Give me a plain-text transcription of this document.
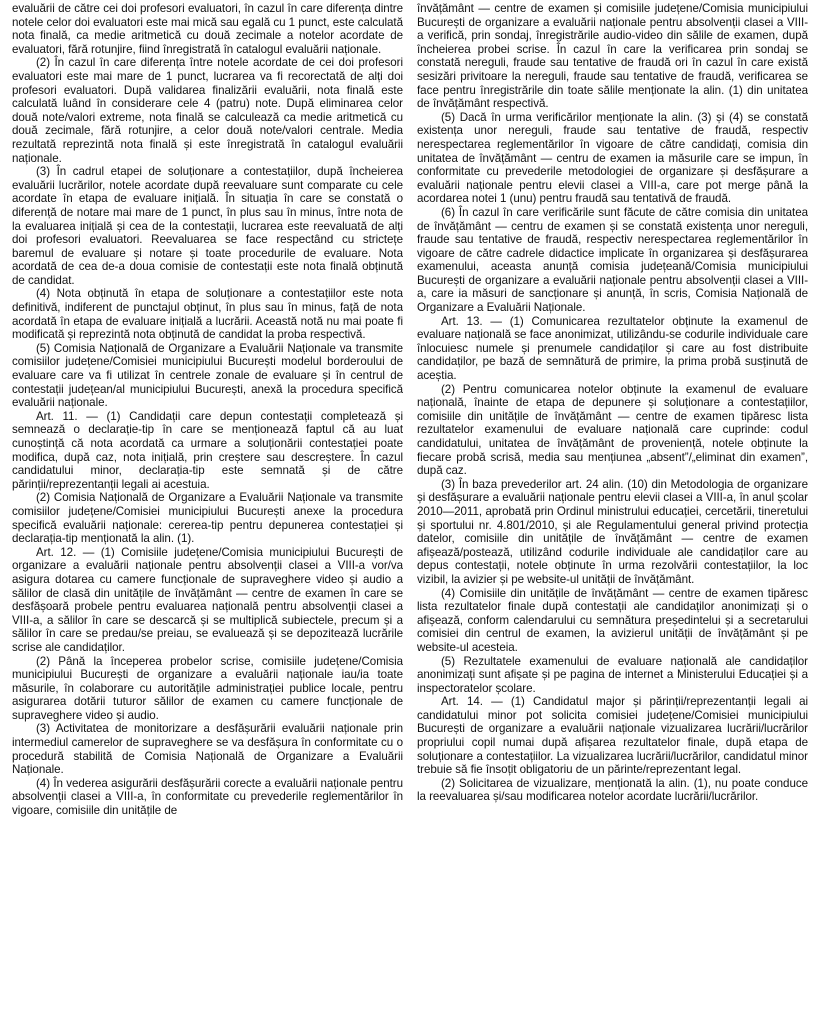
evaluării de către cei doi profesori evaluatori, în cazul în care diferența dintre notele celor doi evaluatori este mai mică sau egală cu 1 punct, este calculată nota finală, ca medie aritmetică cu două zecimale a notelor acordate de evaluatori, fără rotunjire, fiind înregistrată în catalogul evaluării naționale.

(2) În cazul în care diferența între notele acordate de cei doi profesori evaluatori este mai mare de 1 punct, lucrarea va fi recorectată de alți doi profesori evaluatori. După validarea finalizării evaluării, nota finală este calculată luând în considerare cele 4 (patru) note. După eliminarea celor două note/valori extreme, nota finală se calculează ca medie aritmetică cu două zecimale, fără rotunjire, a celor două note/valori centrale. Media rezultată reprezintă nota finală și este înregistrată în catalogul evaluării naționale.

(3) În cadrul etapei de soluționare a contestațiilor, după încheierea evaluării lucrărilor, notele acordate după reevaluare sunt comparate cu cele acordate în etapa de evaluare inițială. În situația în care se constată o diferență de notare mai mare de 1 punct, în plus sau în minus, între nota de la evaluarea inițială și cea de la contestații, lucrarea este reevaluată de alți doi profesori evaluatori. Reevaluarea se face respectând cu strictețe baremul de evaluare și notare și toate procedurile de evaluare. Nota acordată de cea de-a doua comisie de contestații este nota finală obținută de candidat.

(4) Nota obținută în etapa de soluționare a contestațiilor este nota definitivă, indiferent de punctajul obținut, în plus sau în minus, față de nota acordată în etapa de evaluare inițială a lucrării. Această notă nu mai poate fi modificată și reprezintă nota obținută de candidat la proba respectivă.

(5) Comisia Națională de Organizare a Evaluării Naționale va transmite comisiilor județene/Comisiei municipiului București modelul borderoului de evaluare care va fi utilizat în centrele zonale de evaluare și în centrul de contestații județean/al municipiului București, anexă la procedura specifică evaluării naționale.

Art. 11. — (1) Candidații care depun contestații completează și semnează o declarație-tip în care se menționează faptul că au luat cunoștință că nota acordată ca urmare a soluționării contestației poate modifica, după caz, nota inițială, prin creștere sau descreștere. În cazul candidatului minor, declarația-tip este semnată și de către părinții/reprezentanții legali ai acestuia.

(2) Comisia Națională de Organizare a Evaluării Naționale va transmite comisiilor județene/Comisiei municipiului București anexe la procedura specifică evaluării naționale: cererea-tip pentru depunerea contestației și declarația-tip menționată la alin. (1).

Art. 12. — (1) Comisiile județene/Comisia municipiului București de organizare a evaluării naționale pentru absolvenții clasei a VIII-a vor/va asigura dotarea cu camere funcționale de supraveghere video și audio a sălilor de clasă din unitățile de învățământ — centre de examen în care se desfășoară probele pentru evaluarea națională pentru absolvenții clasei a VIII-a, a sălilor în care se descarcă și se multiplică subiectele, precum și a sălilor în care se predau/se preiau, se evaluează și se depozitează lucrările scrise ale candidaților.

(2) Până la începerea probelor scrise, comisiile județene/Comisia municipiului București de organizare a evaluării naționale iau/ia toate măsurile, în colaborare cu autoritățile administrației publice locale, pentru asigurarea dotării tuturor sălilor de examen cu camere funcționale de supraveghere video și audio.

(3) Activitatea de monitorizare a desfășurării evaluării naționale prin intermediul camerelor de supraveghere se va desfășura în conformitate cu o procedură stabilită de Comisia Națională de Organizare a Evaluării Naționale.

(4) În vederea asigurării desfășurării corecte a evaluării naționale pentru absolvenții clasei a VIII-a, în conformitate cu prevederile reglementărilor în vigoare, comisiile din unitățile de

învățământ — centre de examen și comisiile județene/Comisia municipiului București de organizare a evaluării naționale pentru absolvenții clasei a VIII-a verifică, prin sondaj, înregistrările audio-video din sălile de examen, după încheierea probei scrise. În cazul în care la verificarea prin sondaj se constată nereguli, fraude sau tentative de fraudă ori în cazul în care există sesizări privitoare la nereguli, fraude sau tentative de fraudă, verificarea se face pentru înregistrările din toate sălile menționate la alin. (1) din unitatea de învățământ respectivă.

(5) Dacă în urma verificărilor menționate la alin. (3) și (4) se constată existența unor nereguli, fraude sau tentative de fraudă, respectiv nerespectarea reglementărilor în vigoare de către candidați, comisia din unitatea de învățământ — centru de examen ia măsurile care se impun, în conformitate cu prevederile metodologiei de organizare și desfășurare a evaluării naționale pentru elevii clasei a VIII-a, care pot merge până la acordarea notei 1 (unu) pentru fraudă sau tentativă de fraudă.

(6) În cazul în care verificările sunt făcute de către comisia din unitatea de învățământ — centru de examen și se constată existența unor nereguli, fraude sau tentative de fraudă, respectiv nerespectarea reglementărilor în vigoare de către cadrele didactice implicate în organizarea și desfășurarea examenului, aceasta anunță comisia județeană/Comisia municipiului București de organizare a evaluării naționale pentru absolvenții clasei a VIII-a, care ia măsuri de sancționare și anunță, în scris, Comisia Națională de Organizare a Evaluării Naționale.

Art. 13. — (1) Comunicarea rezultatelor obținute la examenul de evaluare națională se face anonimizat, utilizându-se codurile individuale care înlocuiesc numele și prenumele candidaților și care au fost distribuite candidaților, pe bază de semnătură de primire, la prima probă susținută de aceștia.

(2) Pentru comunicarea notelor obținute la examenul de evaluare națională, înainte de etapa de depunere și soluționare a contestațiilor, comisiile din unitățile de învățământ — centre de examen tipăresc lista rezultatelor examenului de evaluare națională care cuprinde: codul candidatului, unitatea de învățământ de proveniență, notele obținute la fiecare probă scrisă, media sau mențiunea „absent”/„eliminat din examen”, după caz.

(3) În baza prevederilor art. 24 alin. (10) din Metodologia de organizare și desfășurare a evaluării naționale pentru elevii clasei a VIII-a, în anul școlar 2010—2011, aprobată prin Ordinul ministrului educației, cercetării, tineretului și sportului nr. 4.801/2010, și ale Regulamentului general privind protecția datelor, comisiile din unitățile de învățământ — centre de examen afișează/postează, utilizând codurile individuale ale candidaților care au depus contestații, notele obținute în urma rezolvării contestațiilor, la loc vizibil, la avizier și pe website-ul unității de învățământ.

(4) Comisiile din unitățile de învățământ — centre de examen tipăresc lista rezultatelor finale după contestații ale candidaților anonimizați și o afișează, conform calendarului cu semnătura președintelui și a secretarului comisiei din centrul de examen, la avizierul unității de învățământ și pe website-ul acesteia.

(5) Rezultatele examenului de evaluare națională ale candidaților anonimizați sunt afișate și pe pagina de internet a Ministerului Educației și a inspectoratelor școlare.

Art. 14. — (1) Candidatul major și părinții/reprezentanții legali ai candidatului minor pot solicita comisiei județene/Comisiei municipiului București de organizare a evaluării naționale vizualizarea lucrării/lucrărilor propriului copil numai după afișarea rezultatelor finale, după etapa de soluționare a contestațiilor. La vizualizarea lucrării/lucrărilor, candidatul minor trebuie să fie însoțit obligatoriu de un părinte/reprezentant legal.

(2) Solicitarea de vizualizare, menționată la alin. (1), nu poate conduce la reevaluarea și/sau modificarea notelor acordate lucrării/lucrărilor.
